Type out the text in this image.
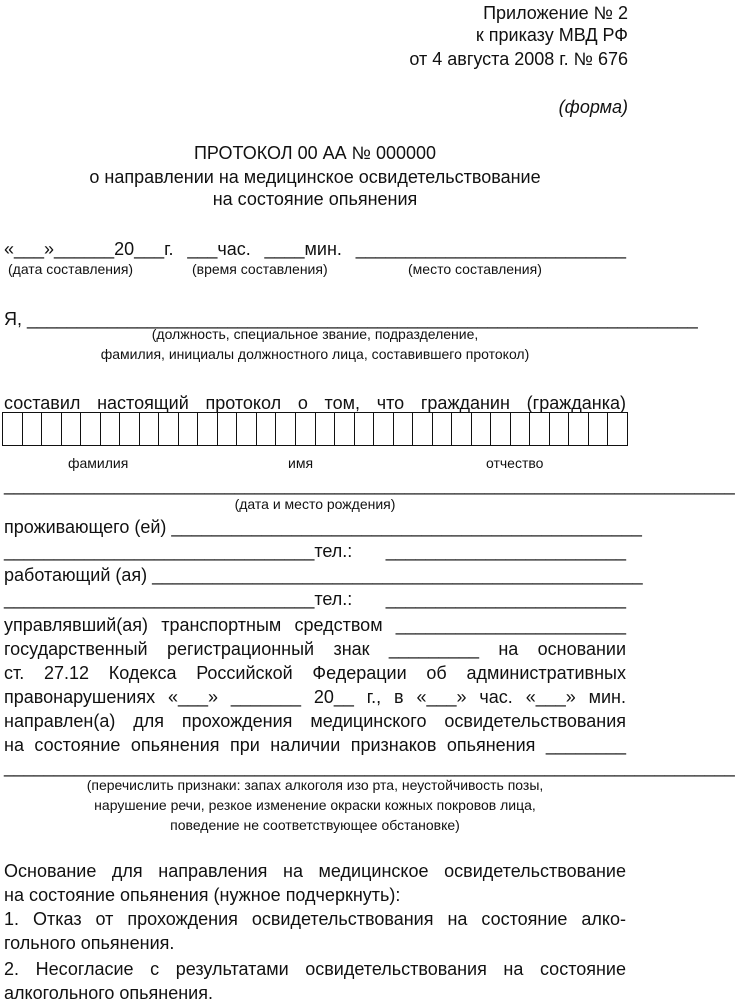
Приложение № 2
к приказу МВД РФ
от 4 августа 2008 г. № 676
(форма)
ПРОТОКОЛ 00 АА № 000000
о направлении на медицинское освидетельствование
на состояние опьянения
«___»______20___г. ___час. ____мин. ___________________________
(дата составления)	(время составления)	(место составления)
Я, ___________________________________________________________________
(должность, специальное звание, подразделение,
фамилия, инициалы должностного лица, составившего протокол)
составил настоящий протокол о том, что гражданин (гражданка)
фамилия	имя	отчество
_________________________________________________________________________
(дата и место рождения)
проживающего (ей) _______________________________________________
_______________________________тел.: ________________________
работающий (ая) _________________________________________________
_______________________________тел.: ________________________
управлявший(ая) транспортным средством _______________________
государственный регистрационный знак _________ на основании
ст. 27.12 Кодекса Российской Федерации об административных
правонарушениях «___» _______ 20__ г., в «___» час. «___» мин.
направлен(а) для прохождения медицинского освидетельствования
на состояние опьянения при наличии признаков опьянения ________
_________________________________________________________________________
(перечислить признаки: запах алкоголя изо рта, неустойчивость позы,
нарушение речи, резкое изменение окраски кожных покровов лица,
поведение не соответствующее обстановке)
Основание для направления на медицинское освидетельствование
на состояние опьянения (нужное подчеркнуть):
1. Отказ от прохождения освидетельствования на состояние алко-
гольного опьянения.
2. Несогласие с результатами освидетельствования на состояние
алкогольного опьянения.
